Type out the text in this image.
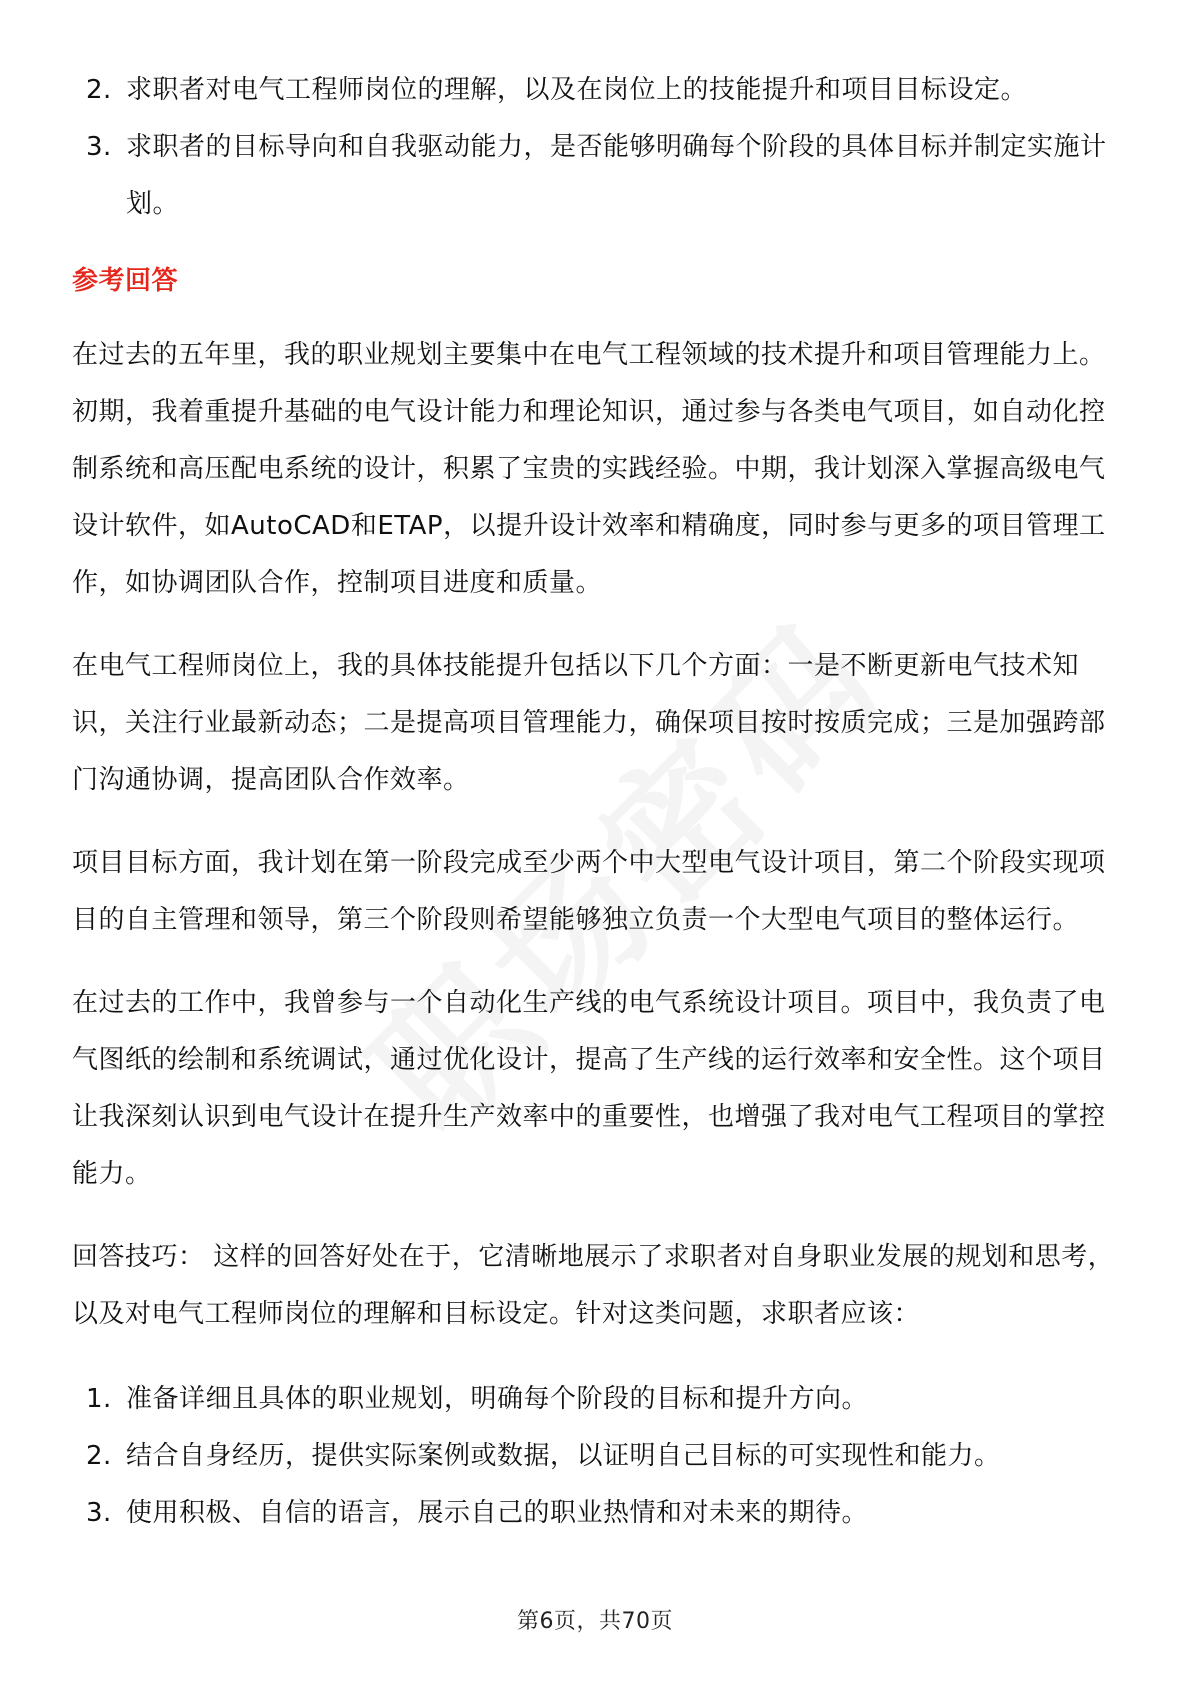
2. 求职者对电气工程师岗位的理解，以及在岗位上的技能提升和项目目标设定。
3. 求职者的目标导向和自我驱动能力，是否能够明确每个阶段的具体目标并制定实施计划。
参考回答

在过去的五年里，我的职业规划主要集中在电气工程领域的技术提升和项目管理能力上。初期，我着重提升基础的电气设计能力和理论知识，通过参与各类电气项目，如自动化控制系统和高压配电系统的设计，积累了宝贵的实践经验。中期，我计划深入掌握高级电气设计软件，如AutoCAD和ETAP，以提升设计效率和精确度，同时参与更多的项目管理工作，如协调团队合作，控制项目进度和质量。

在电气工程师岗位上，我的具体技能提升包括以下几个方面：一是不断更新电气技术知识，关注行业最新动态；二是提高项目管理能力，确保项目按时按质完成；三是加强跨部门沟通协调，提高团队合作效率。

项目目标方面，我计划在第一阶段完成至少两个中大型电气设计项目，第二个阶段实现项目的自主管理和领导，第三个阶段则希望能够独立负责一个大型电气项目的整体运行。

在过去的工作中，我曾参与一个自动化生产线的电气系统设计项目。项目中，我负责了电气图纸的绘制和系统调试，通过优化设计，提高了生产线的运行效率和安全性。这个项目让我深刻认识到电气设计在提升生产效率中的重要性，也增强了我对电气工程项目的掌控能力。

回答技巧： 这样的回答好处在于，它清晰地展示了求职者对自身职业发展的规划和思考，以及对电气工程师岗位的理解和目标设定。针对这类问题，求职者应该：

1. 准备详细且具体的职业规划，明确每个阶段的目标和提升方向。
2. 结合自身经历，提供实际案例或数据，以证明自己目标的可实现性和能力。
3. 使用积极、自信的语言，展示自己的职业热情和对未来的期待。
第6页，共70页
